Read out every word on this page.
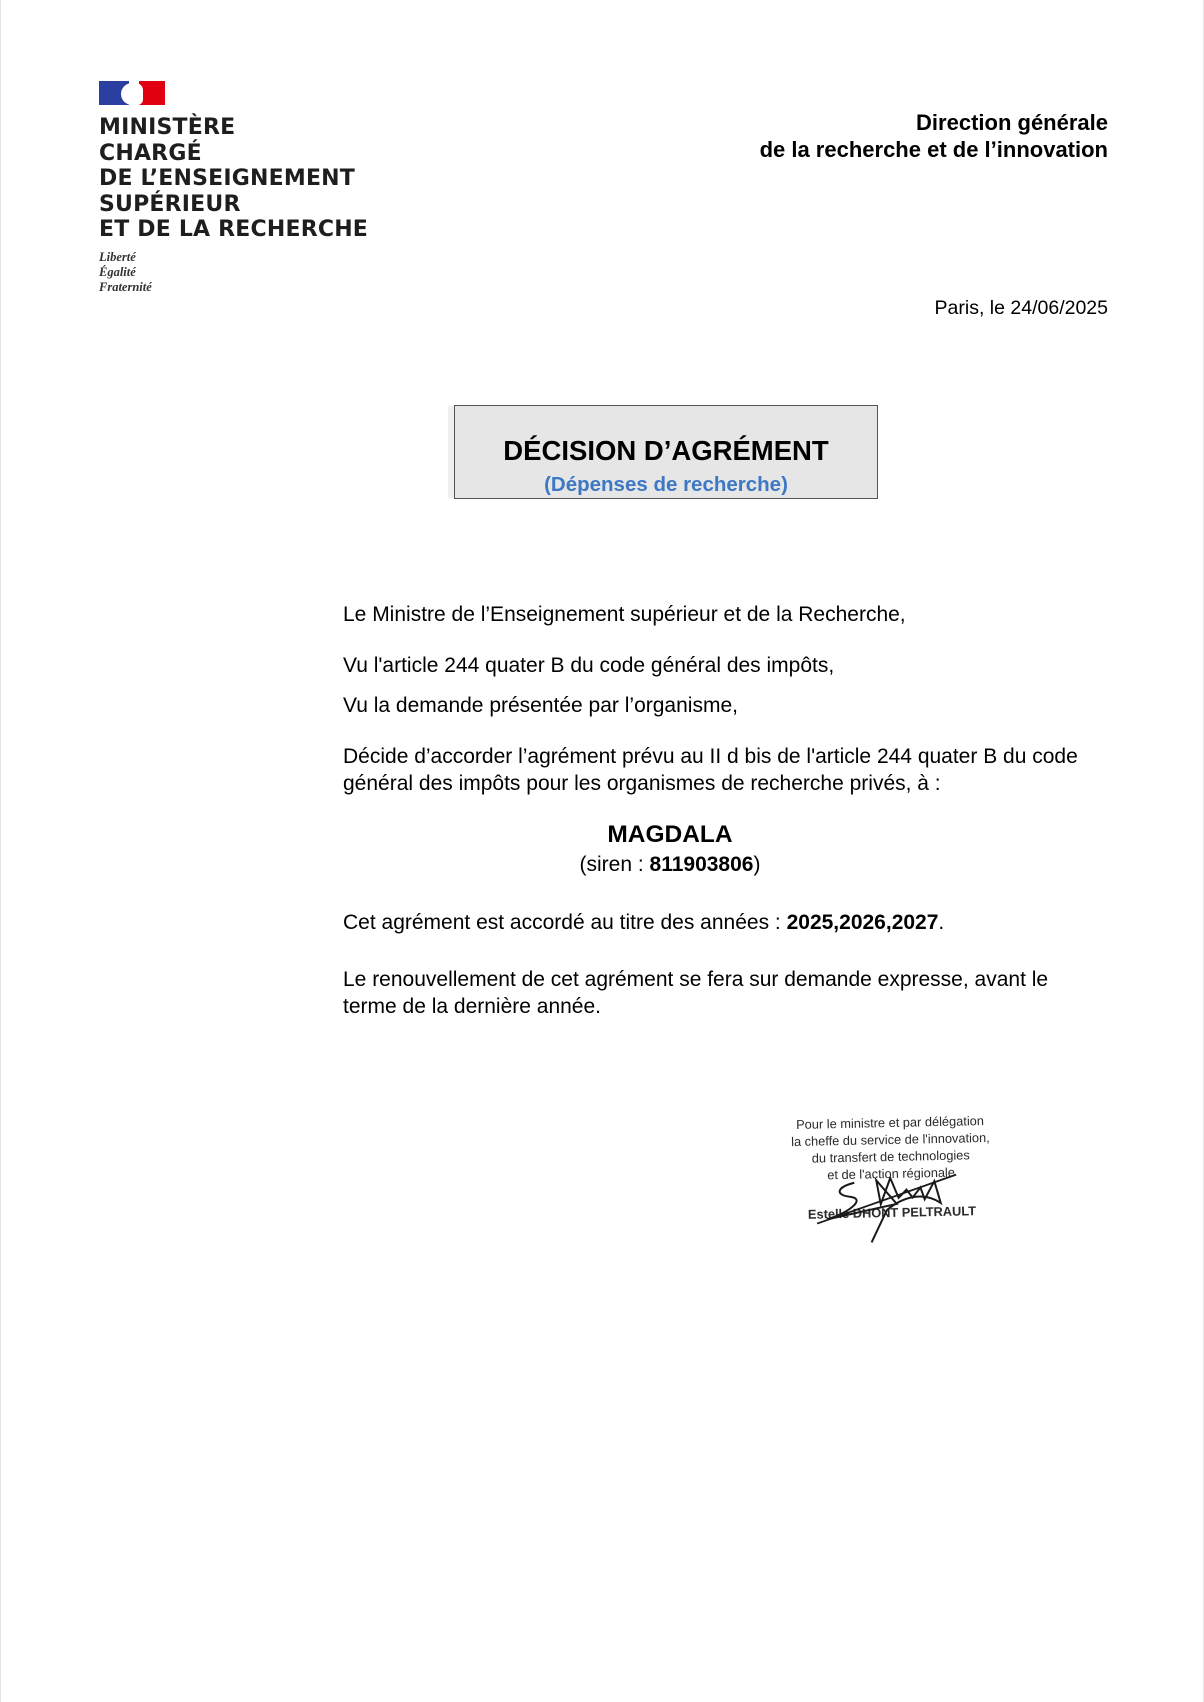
MINISTÈRE
CHARGÉ
DE L’ENSEIGNEMENT
SUPÉRIEUR
ET DE LA RECHERCHE
Liberté
Égalité
Fraternité
Direction générale
de la recherche et de l’innovation
Paris, le 24/06/2025
DÉCISION D’AGRÉMENT
(Dépenses de recherche)
Le Ministre de l’Enseignement supérieur et de la Recherche,
Vu l'article 244 quater B du code général des impôts,
Vu la demande présentée par l’organisme,
Décide d’accorder l’agrément prévu au II d bis de l'article 244 quater B du code général des impôts pour les organismes de recherche privés, à :
MAGDALA
(siren : 811903806)
Cet agrément est accordé au titre des années : 2025,2026,2027.
Le renouvellement de cet agrément se fera sur demande expresse, avant le terme de la dernière année.
Pour le ministre et par délégation
la cheffe du service de l'innovation,
du transfert de technologies
et de l'action régionale
Estelle DHONT PELTRAULT
